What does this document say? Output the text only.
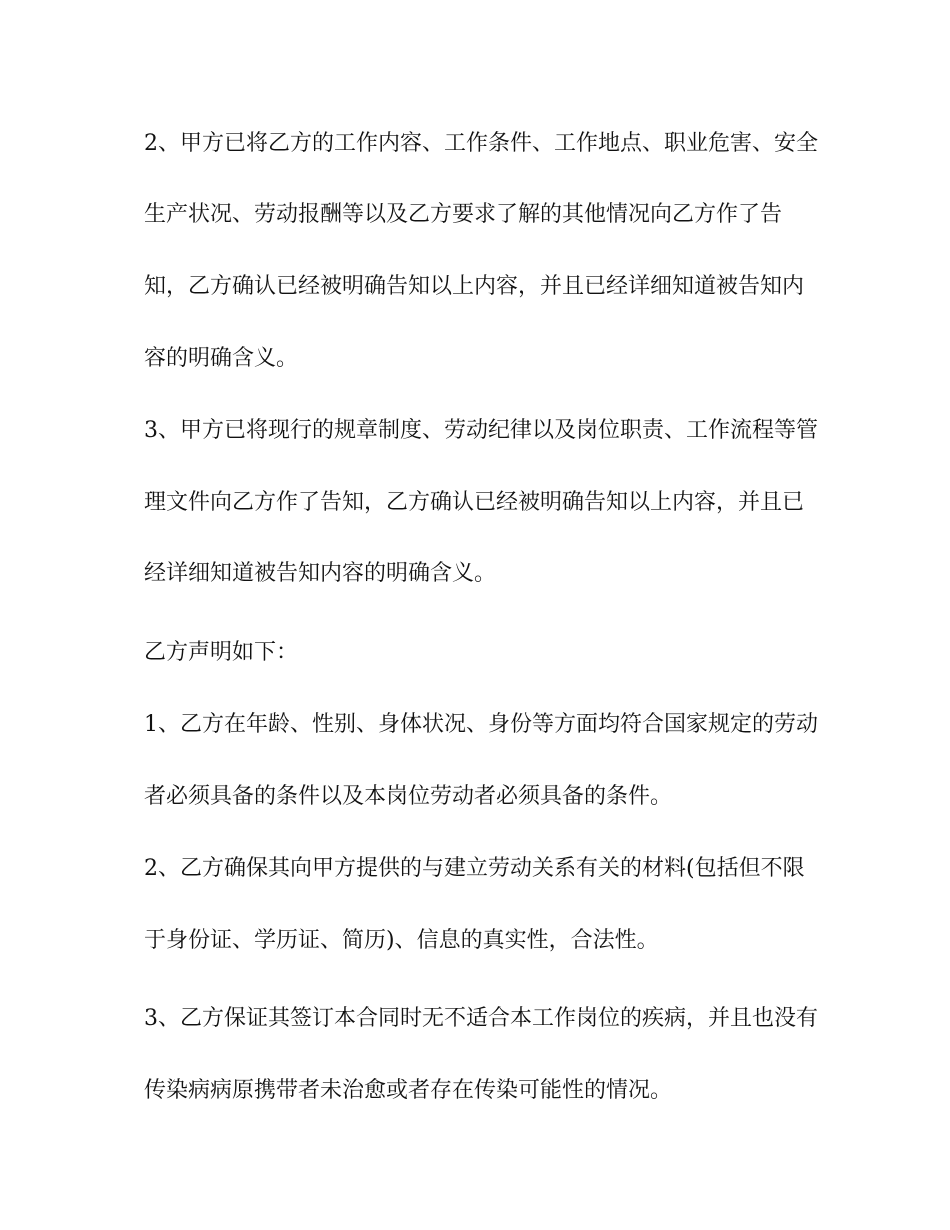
2、甲方已将乙方的工作内容、工作条件、工作地点、职业危害、安全
生产状况、劳动报酬等以及乙方要求了解的其他情况向乙方作了告
知，乙方确认已经被明确告知以上内容，并且已经详细知道被告知内
容的明确含义。
3、甲方已将现行的规章制度、劳动纪律以及岗位职责、工作流程等管
理文件向乙方作了告知，乙方确认已经被明确告知以上内容，并且已
经详细知道被告知内容的明确含义。
乙方声明如下：
1、乙方在年龄、性别、身体状况、身份等方面均符合国家规定的劳动
者必须具备的条件以及本岗位劳动者必须具备的条件。
2、乙方确保其向甲方提供的与建立劳动关系有关的材料(包括但不限
于身份证、学历证、简历)、信息的真实性，合法性。
3、乙方保证其签订本合同时无不适合本工作岗位的疾病，并且也没有
传染病病原携带者未治愈或者存在传染可能性的情况。
